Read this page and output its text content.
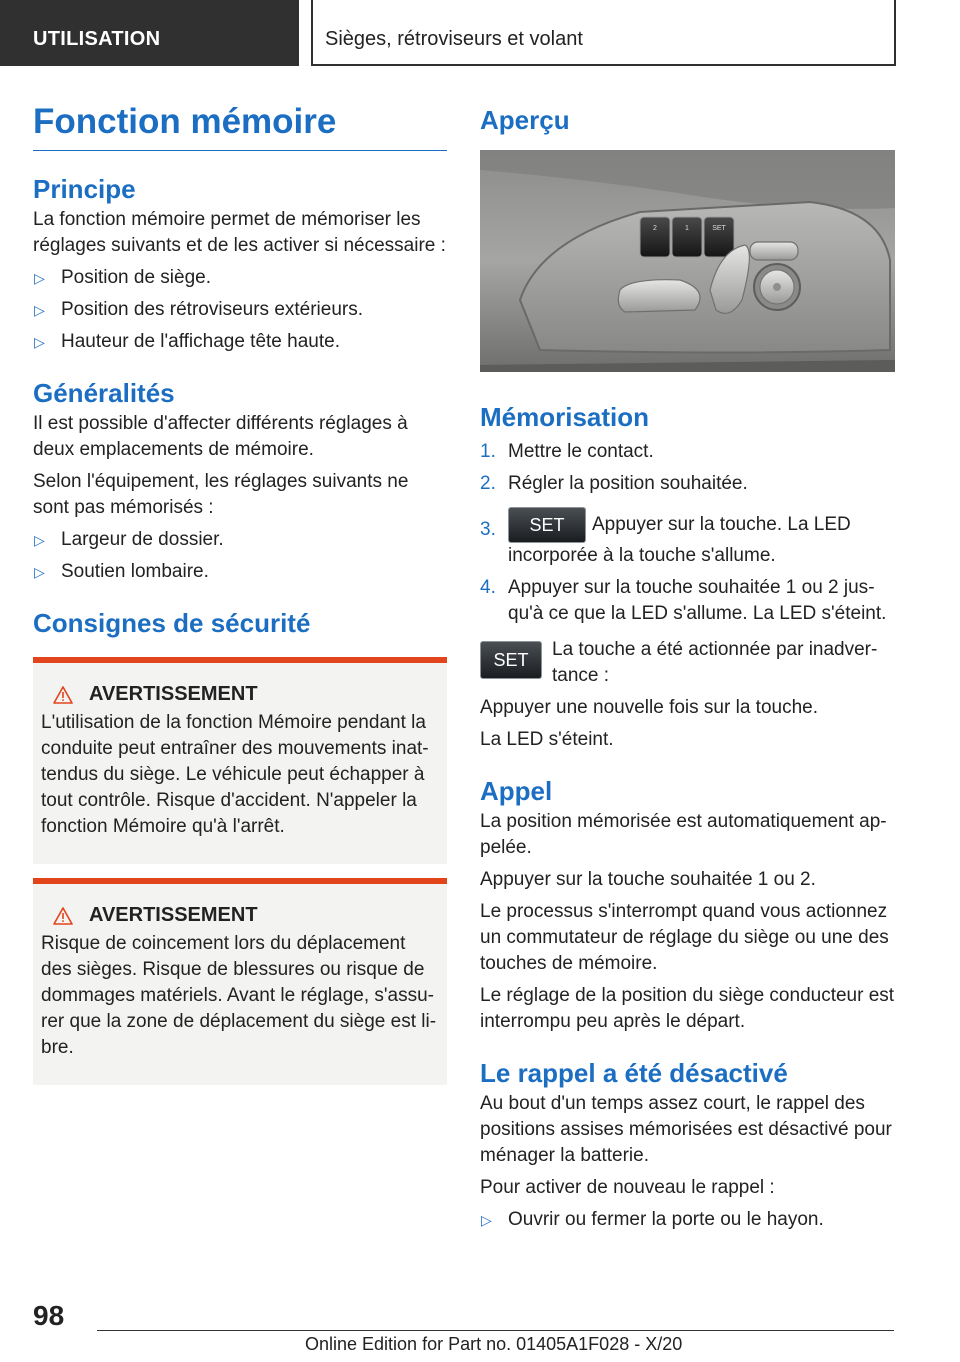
UTILISATION	Sièges, rétroviseurs et volant
Fonction mémoire
Principe

La fonction mémoire permet de mémoriser les réglages suivants et de les activer si nécessaire :

▷ Position de siège.
▷ Position des rétroviseurs extérieurs.
▷ Hauteur de l'affichage tête haute.
Généralités

Il est possible d'affecter différents réglages à deux emplacements de mémoire.

Selon l'équipement, les réglages suivants ne sont pas mémorisés :

▷ Largeur de dossier.
▷ Soutien lombaire.
Consignes de sécurité
AVERTISSEMENT

L'utilisation de la fonction Mémoire pendant la conduite peut entraîner des mouvements inattendus du siège. Le véhicule peut échapper à tout contrôle. Risque d'accident. N'appeler la fonction Mémoire qu'à l'arrêt.

AVERTISSEMENT

Risque de coincement lors du déplacement des sièges. Risque de blessures ou risque de dommages matériels. Avant le réglage, s'assurer que la zone de déplacement du siège est libre.

Aperçu
2	1	SET
Mémorisation
1. Mettre le contact.
2. Régler la position souhaitée.
3. SET Appuyer sur la touche. La LED incorporée à la touche s'allume.
4. Appuyer sur la touche souhaitée 1 ou 2 jusqu'à ce que la LED s'allume. La LED s'éteint.
SET	La touche a été actionnée par inadvertance :

Appuyer une nouvelle fois sur la touche.

La LED s'éteint.

Appel

La position mémorisée est automatiquement appelée.

Appuyer sur la touche souhaitée 1 ou 2.

Le processus s'interrompt quand vous actionnez un commutateur de réglage du siège ou une des touches de mémoire.

Le réglage de la position du siège conducteur est interrompu peu après le départ.

Le rappel a été désactivé

Au bout d'un temps assez court, le rappel des positions assises mémorisées est désactivé pour ménager la batterie.

Pour activer de nouveau le rappel :

▷ Ouvrir ou fermer la porte ou le hayon.
98
Online Edition for Part no. 01405A1F028 - X/20
